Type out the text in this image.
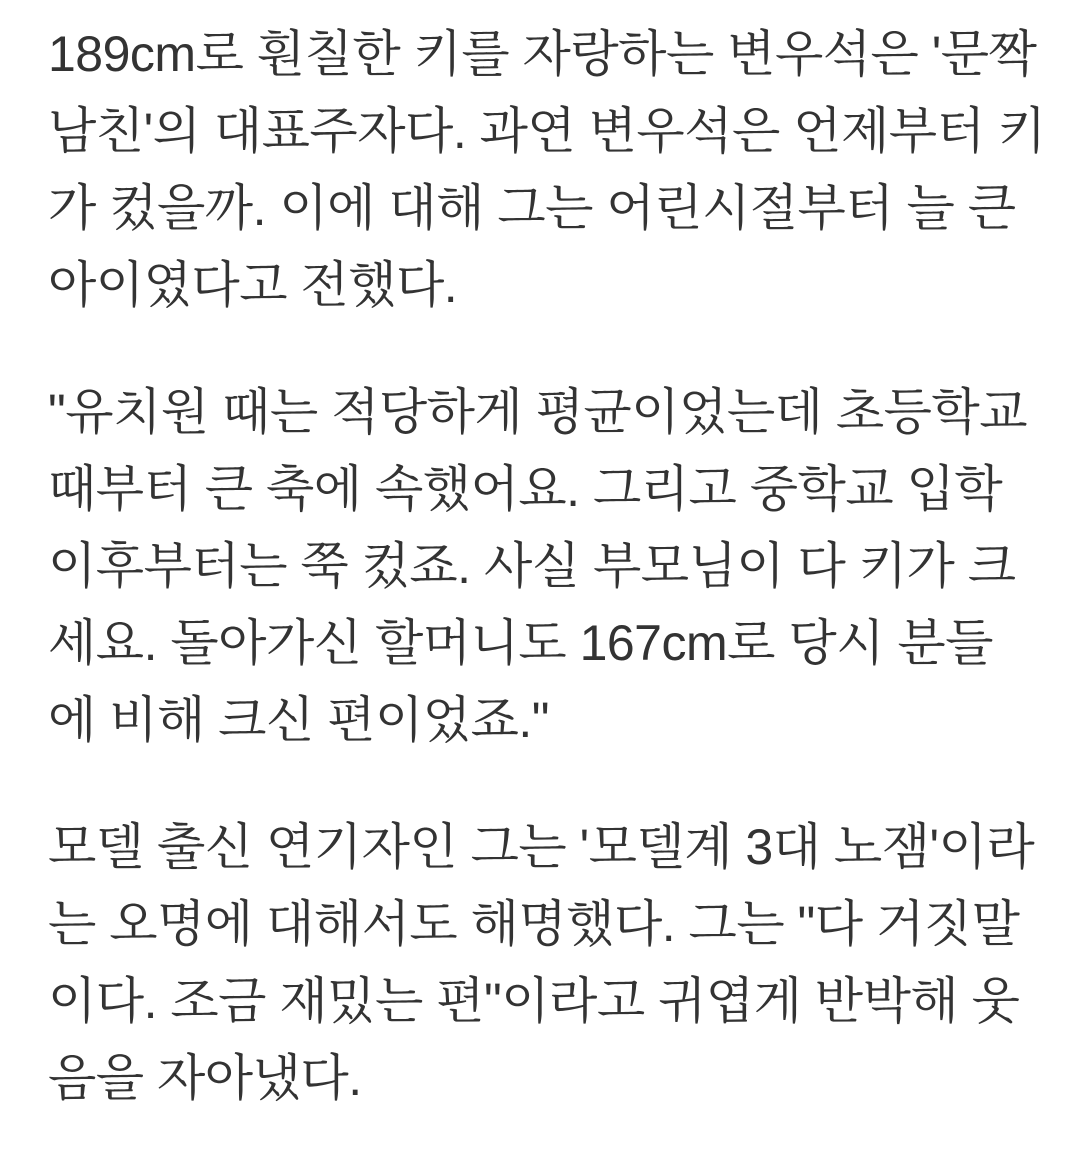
189cm로 훤칠한 키를 자랑하는 변우석은 '문짝
남친'의 대표주자다. 과연 변우석은 언제부터 키
가 컸을까. 이에 대해 그는 어린시절부터 늘 큰
아이였다고 전했다.

"유치원 때는 적당하게 평균이었는데 초등학교
때부터 큰 축에 속했어요. 그리고 중학교 입학
이후부터는 쭉 컸죠. 사실 부모님이 다 키가 크
세요. 돌아가신 할머니도 167cm로 당시 분들
에 비해 크신 편이었죠."

모델 출신 연기자인 그는 '모델계 3대 노잼'이라
는 오명에 대해서도 해명했다. 그는 "다 거짓말
이다. 조금 재밌는 편"이라고 귀엽게 반박해 웃
음을 자아냈다.
